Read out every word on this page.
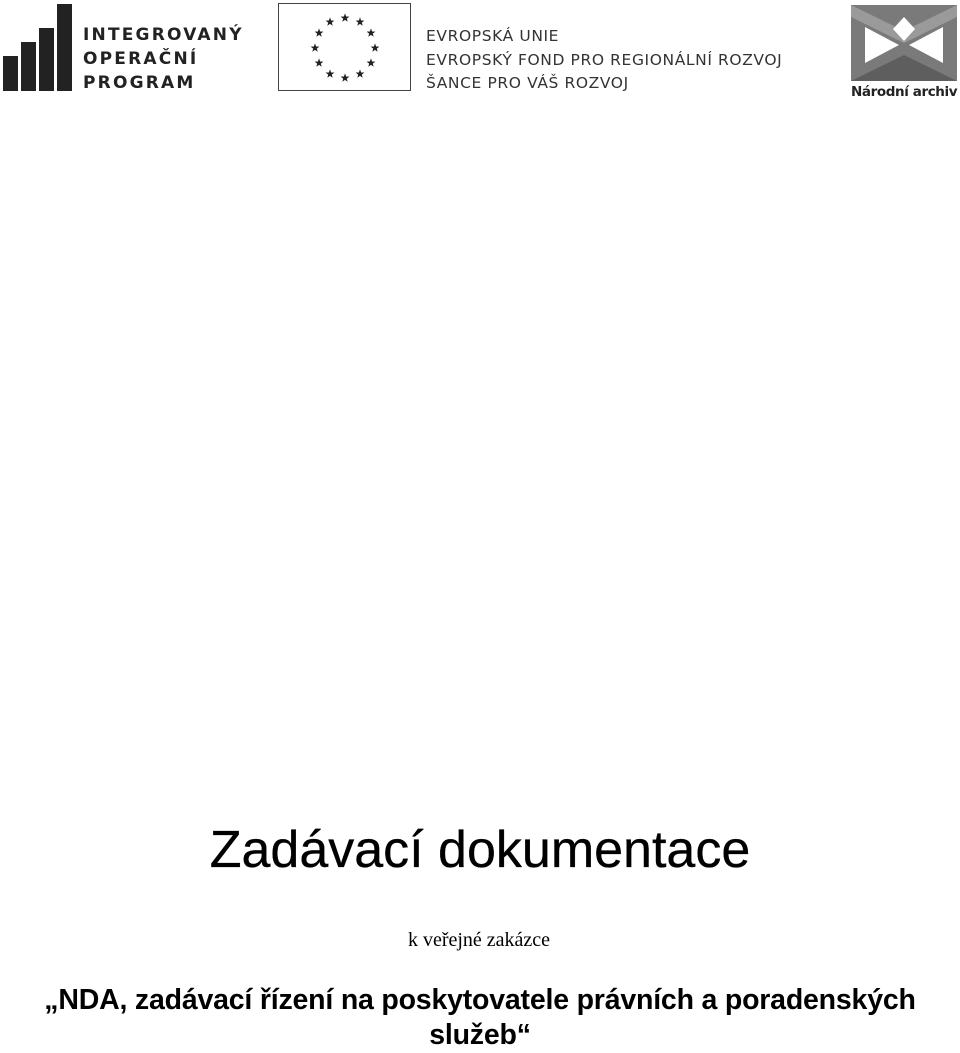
INTEGROVANÝ
OPERAČNÍ
PROGRAM
EVROPSKÁ UNIE
EVROPSKÝ FOND PRO REGIONÁLNÍ ROZVOJ
ŠANCE PRO VÁŠ ROZVOJ	Národní archiv
Zadávací dokumentace
k veřejné zakázce
„NDA, zadávací řízení na poskytovatele právních a poradenských služeb“
